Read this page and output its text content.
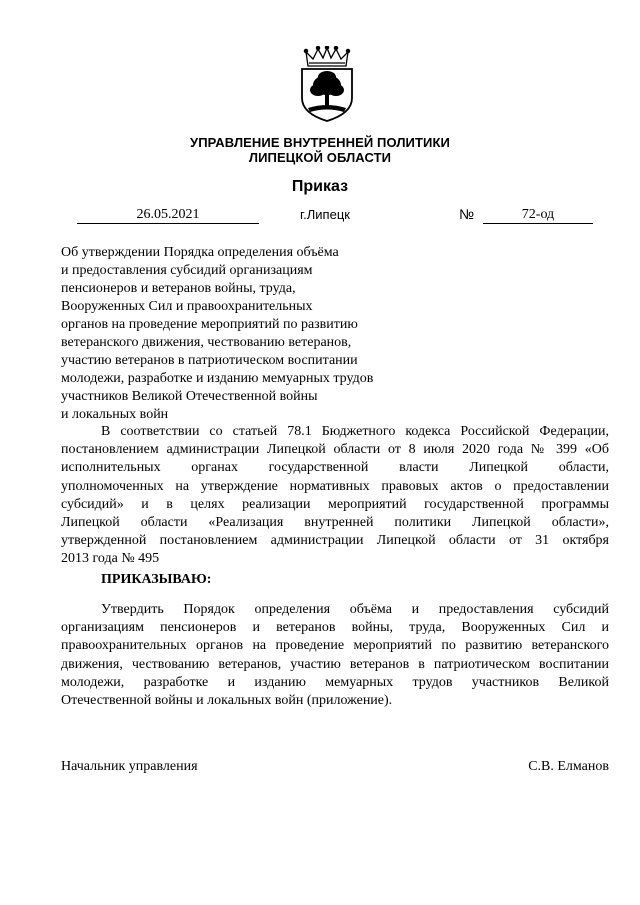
УПРАВЛЕНИЕ ВНУТРЕННЕЙ ПОЛИТИКИ
ЛИПЕЦКОЙ ОБЛАСТИ
Приказ
26.05.2021	г.Липецк	№	72-од
Об утверждении Порядка определения объёма
и предоставления субсидий организациям
пенсионеров и ветеранов войны, труда,
Вооруженных Сил и правоохранительных
органов на проведение мероприятий по развитию
ветеранского движения, чествованию ветеранов,
участию ветеранов в патриотическом воспитании
молодежи, разработке и изданию мемуарных трудов
участников Великой Отечественной войны
и локальных войн
В соответствии со статьей 78.1 Бюджетного кодекса Российской Федерации,
постановлением администрации Липецкой области от 8 июля 2020 года № 399 «Об
исполнительных органах государственной власти Липецкой области,
уполномоченных на утверждение нормативных правовых актов о предоставлении
субсидий» и в целях реализации мероприятий государственной программы
Липецкой области «Реализация внутренней политики Липецкой области»,
утвержденной постановлением администрации Липецкой области от 31 октября
2013 года № 495
ПРИКАЗЫВАЮ:
Утвердить Порядок определения объёма и предоставления субсидий
организациям пенсионеров и ветеранов войны, труда, Вооруженных Сил и
правоохранительных органов на проведение мероприятий по развитию ветеранского
движения, чествованию ветеранов, участию ветеранов в патриотическом воспитании
молодежи, разработке и изданию мемуарных трудов участников Великой
Отечественной войны и локальных войн (приложение).
Начальник управления	С.В. Елманов
